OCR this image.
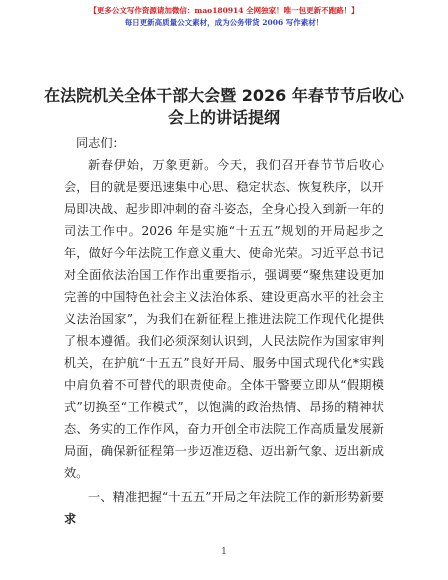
【更多公文写作资源请加微信：mao180914 全网独家！唯一包更新不跑路！】
每日更新高质量公文素材，成为公务带货 2006 写作素材！
在法院机关全体干部大会暨 2026 年春节节后收心会上的讲话提纲

同志们：

新春伊始，万象更新。今天，我们召开春节节后收心会，目的就是要迅速集中心思、稳定状态、恢复秩序，以开局即决战、起步即冲刺的奋斗姿态，全身心投入到新一年的司法工作中。2026 年是实施“十五五”规划的开局起步之年，做好今年法院工作意义重大、使命光荣。习近平总书记对全面依法治国工作作出重要指示，强调要“聚焦建设更加完善的中国特色社会主义法治体系、建设更高水平的社会主义法治国家”，为我们在新征程上推进法院工作现代化提供了根本遵循。我们必须深刻认识到，人民法院作为国家审判机关，在护航“十五五”良好开局、服务中国式现代化*实践中肩负着不可替代的职责使命。全体干警要立即从“假期模式”切换至“工作模式”，以饱满的政治热情、昂扬的精神状态、务实的工作作风，奋力开创全市法院工作高质量发展新局面，确保新征程第一步迈准迈稳、迈出新气象、迈出新成效。

一、精准把握“十五五”开局之年法院工作的新形势新要求

1
